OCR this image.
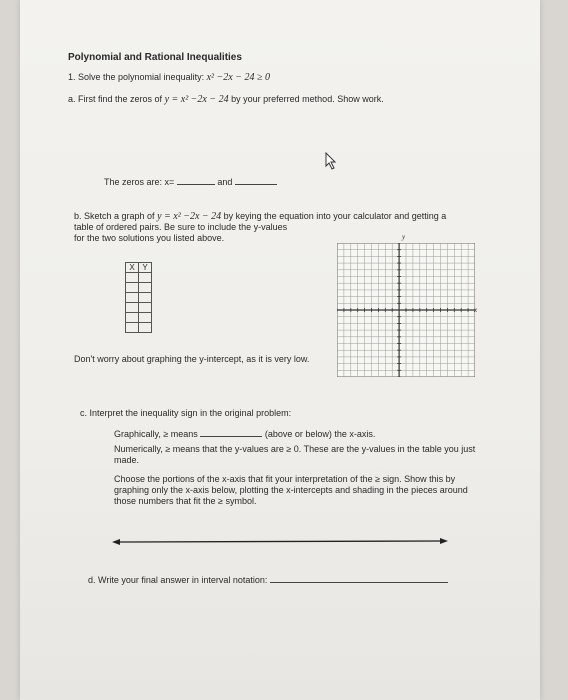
Polynomial and Rational Inequalities
1. Solve the polynomial inequality: x² −2x − 24 ≥ 0
a. First find the zeros of y = x² −2x − 24 by your preferred method. Show work.
The zeros are: x=	and
b. Sketch a graph of y = x² −2x − 24 by keying the equation into your calculator and getting a
table of ordered pairs. Be sure to include the y-values
for the two solutions you listed above.
X	Y

y
x
Don't worry about graphing the y-intercept, as it is very low.
c. Interpret the inequality sign in the original problem:
Graphically, ≥ means	(above or below) the x-axis.
Numerically, ≥ means that the y-values are ≥ 0. These are the y-values in the table you just made.
Choose the portions of the x-axis that fit your interpretation of the ≥ sign. Show this by graphing only the x-axis below, plotting the x-intercepts and shading in the pieces around those numbers that fit the ≥ symbol.
d. Write your final answer in interval notation:
